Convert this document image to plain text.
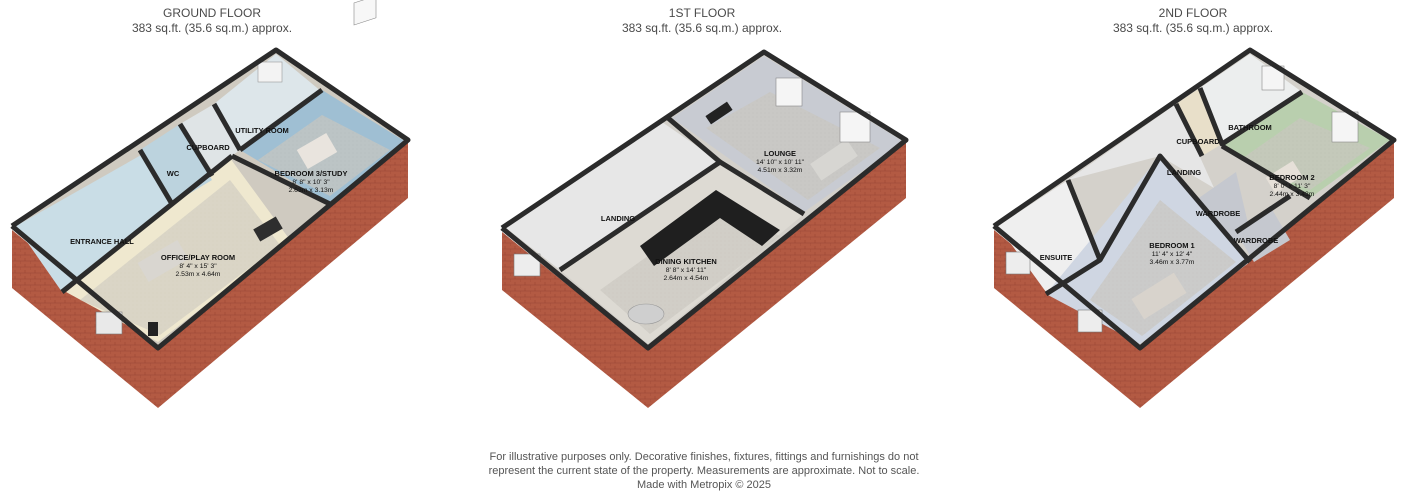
GROUND FLOOR
383 sq.ft. (35.6 sq.m.) approx.
1ST FLOOR
383 sq.ft. (35.6 sq.m.) approx.
2ND FLOOR
383 sq.ft. (35.6 sq.m.) approx.
ENTRANCE HALL
WC
CUPBOARD
UTILITY ROOM
BEDROOM 3/STUDY
8' 8" x 10' 3"
2.63m x 3.13m
OFFICE/PLAY ROOM
8' 4" x 15' 3"
2.53m x 4.64m
LANDING
LOUNGE
14' 10" x 10' 11"
4.51m x 3.32m
DINING KITCHEN
8' 8" x 14' 11"
2.64m x 4.54m
CUPBOARD
BATHROOM
LANDING
BEDROOM 2
8' 0" x 11' 3"
2.44m x 3.43m
WARDROBE
WARDROBE
ENSUITE
BEDROOM 1
11' 4" x 12' 4"
3.46m x 3.77m
For illustrative purposes only. Decorative finishes, fixtures, fittings and furnishings do not
represent the current state of the property. Measurements are approximate. Not to scale.
Made with Metropix © 2025
